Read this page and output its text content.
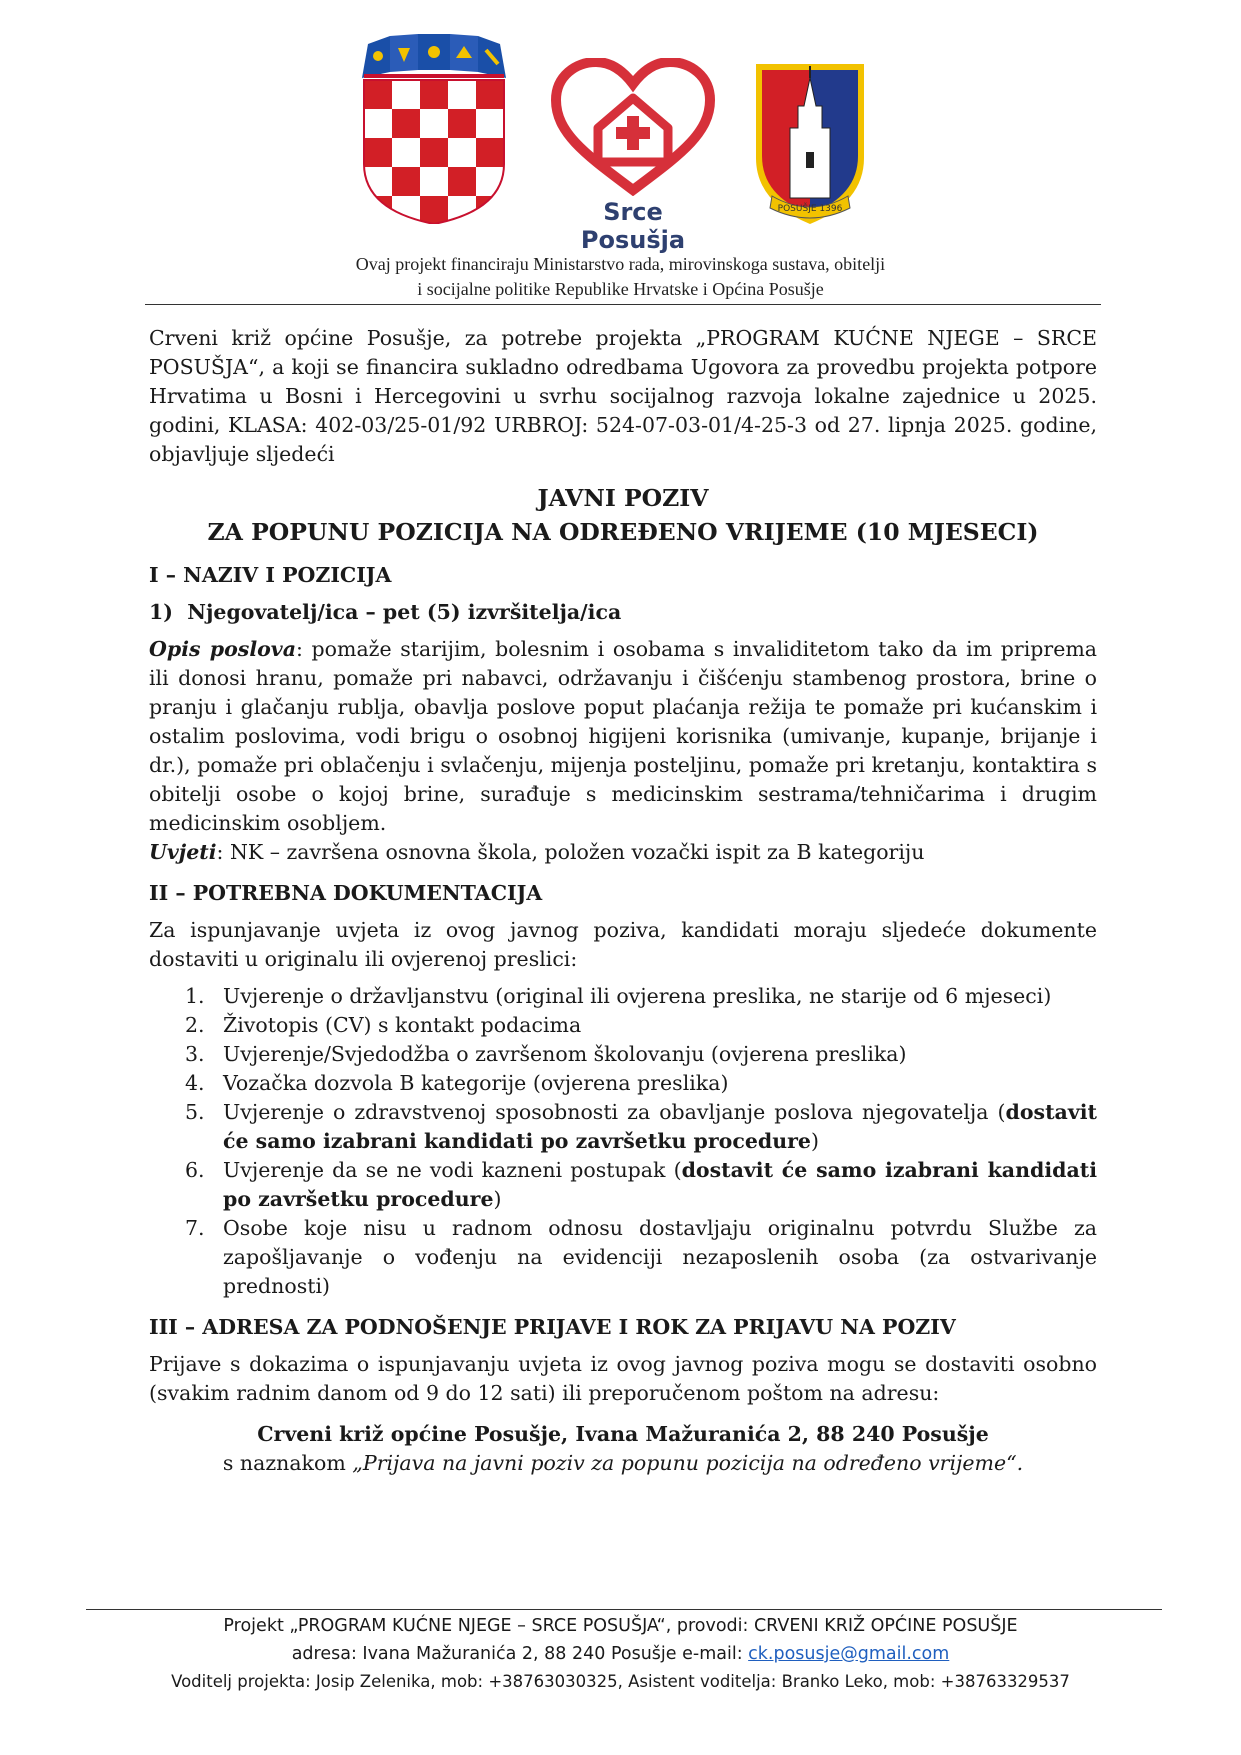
Srce Posušja
POSUŠJE 1396

Ovaj projekt financiraju Ministarstvo rada, mirovinskoga sustava, obitelji

i socijalne politike Republike Hrvatske i Općina Posušje

Crveni križ općine Posušje, za potrebe projekta „PROGRAM KUĆNE NJEGE – SRCE POSUŠJA“, a koji se financira sukladno odredbama Ugovora za provedbu projekta potpore Hrvatima u Bosni i Hercegovini u svrhu socijalnog razvoja lokalne zajednice u 2025. godini, KLASA: 402-03/25-01/92 URBROJ: 524-07-03-01/4-25-3 od 27. lipnja 2025. godine, objavljuje sljedeći

JAVNI POZIV
ZA POPUNU POZICIJA NA ODREĐENO VRIJEME (10 MJESECI)

I – NAZIV I POZICIJA

1) Njegovatelj/ica – pet (5) izvršitelja/ica

Opis poslova: pomaže starijim, bolesnim i osobama s invaliditetom tako da im priprema ili donosi hranu, pomaže pri nabavci, održavanju i čišćenju stambenog prostora, brine o pranju i glačanju rublja, obavlja poslove poput plaćanja režija te pomaže pri kućanskim i ostalim poslovima, vodi brigu o osobnoj higijeni korisnika (umivanje, kupanje, brijanje i dr.), pomaže pri oblačenju i svlačenju, mijenja posteljinu, pomaže pri kretanju, kontaktira s obitelji osobe o kojoj brine, surađuje s medicinskim sestrama/tehničarima i drugim medicinskim osobljem.

Uvjeti: NK – završena osnovna škola, položen vozački ispit za B kategoriju

II – POTREBNA DOKUMENTACIJA

Za ispunjavanje uvjeta iz ovog javnog poziva, kandidati moraju sljedeće dokumente dostaviti u originalu ili ovjerenoj preslici:

1. Uvjerenje o državljanstvu (original ili ovjerena preslika, ne starije od 6 mjeseci)
2. Životopis (CV) s kontakt podacima
3. Uvjerenje/Svjedodžba o završenom školovanju (ovjerena preslika)
4. Vozačka dozvola B kategorije (ovjerena preslika)
5. Uvjerenje o zdravstvenoj sposobnosti za obavljanje poslova njegovatelja (dostavit će samo izabrani kandidati po završetku procedure)
6. Uvjerenje da se ne vodi kazneni postupak (dostavit će samo izabrani kandidati po završetku procedure)
7. Osobe koje nisu u radnom odnosu dostavljaju originalnu potvrdu Službe za zapošljavanje o vođenju na evidenciji nezaposlenih osoba (za ostvarivanje prednosti)

III – ADRESA ZA PODNOŠENJE PRIJAVE I ROK ZA PRIJAVU NA POZIV

Prijave s dokazima o ispunjavanju uvjeta iz ovog javnog poziva mogu se dostaviti osobno (svakim radnim danom od 9 do 12 sati) ili preporučenom poštom na adresu:

Crveni križ općine Posušje, Ivana Mažuranića 2, 88 240 Posušje

s naznakom „Prijava na javni poziv za popunu pozicija na određeno vrijeme“.

Projekt „PROGRAM KUĆNE NJEGE – SRCE POSUŠJA“, provodi: CRVENI KRIŽ OPĆINE POSUŠJE

adresa: Ivana Mažuranića 2, 88 240 Posušje e-mail: ck.posusje@gmail.com

Voditelj projekta: Josip Zelenika, mob: +38763030325, Asistent voditelja: Branko Leko, mob: +38763329537
